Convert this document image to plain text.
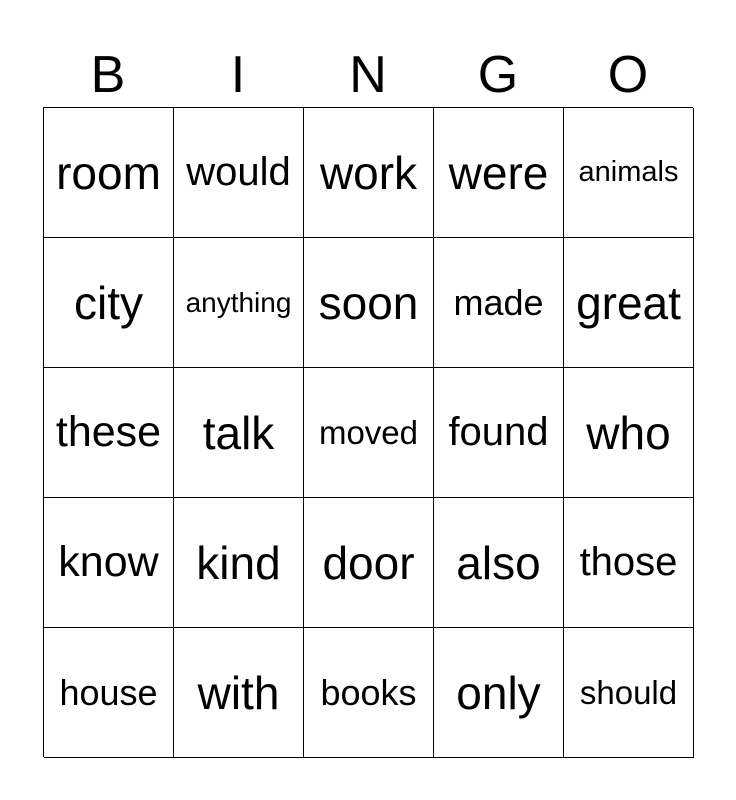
B	I	N	G	O
room would work were	animals
city	anything soon made great
these talk	moved found who
know kind door also those
house with	books only	should
